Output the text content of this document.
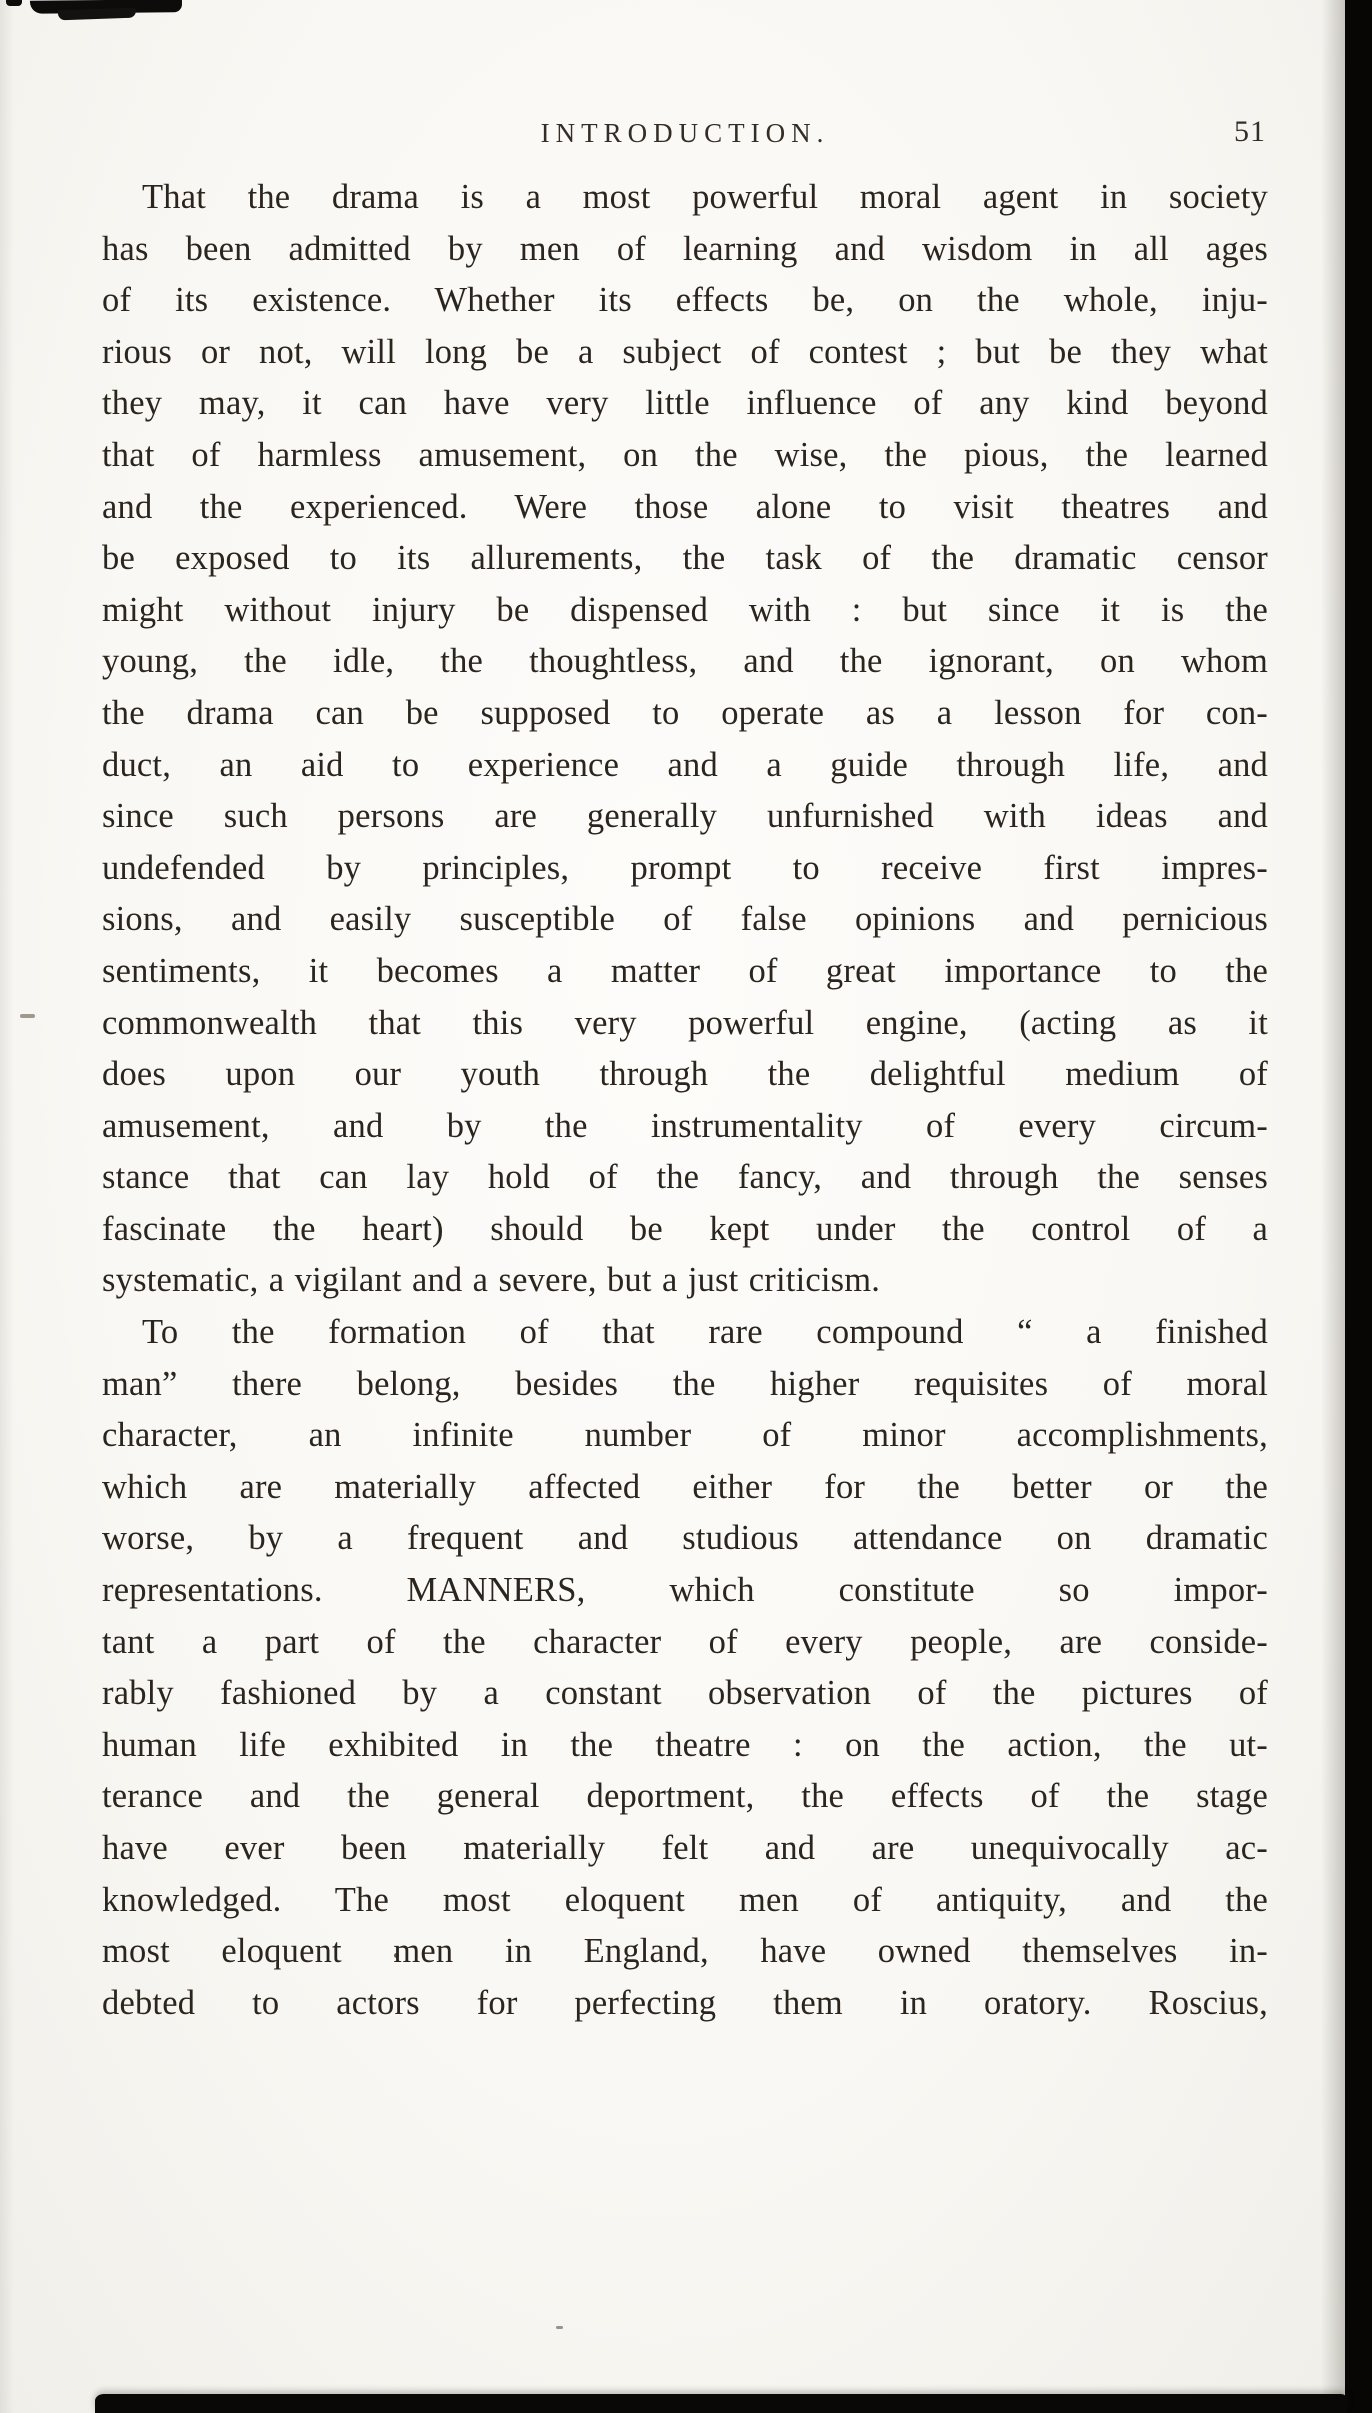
INTRODUCTION.	51
That the drama is a most powerful moral agent in society
has been admitted by men of learning and wisdom in all ages
of its existence. Whether its effects be, on the whole, inju-
rious or not, will long be a subject of contest ; but be they what
they may, it can have very little influence of any kind beyond
that of harmless amusement, on the wise, the pious, the learned
and the experienced. Were those alone to visit theatres and
be exposed to its allurements, the task of the dramatic censor
might without injury be dispensed with : but since it is the
young, the idle, the thoughtless, and the ignorant, on whom
the drama can be supposed to operate as a lesson for con-
duct, an aid to experience and a guide through life, and
since such persons are generally unfurnished with ideas and
undefended by principles, prompt to receive first impres-
sions, and easily susceptible of false opinions and pernicious
sentiments, it becomes a matter of great importance to the
commonwealth that this very powerful engine, (acting as it
does upon our youth through the delightful medium of
amusement, and by the instrumentality of every circum-
stance that can lay hold of the fancy, and through the senses
fascinate the heart) should be kept under the control of a
systematic, a vigilant and a severe, but a just criticism.
To the formation of that rare compound “ a finished
man” there belong, besides the higher requisites of moral
character, an infinite number of minor accomplishments,
which are materially affected either for the better or the
worse, by a frequent and studious attendance on dramatic
representations. MANNERS, which constitute so impor-
tant a part of the character of every people, are conside-
rably fashioned by a constant observation of the pictures of
human life exhibited in the theatre : on the action, the ut-
terance and the general deportment, the effects of the stage
have ever been materially felt and are unequivocally ac-
knowledged. The most eloquent men of antiquity, and the
most eloquent men in England, have owned themselves in-
debted to actors for perfecting them in oratory. Roscius,
